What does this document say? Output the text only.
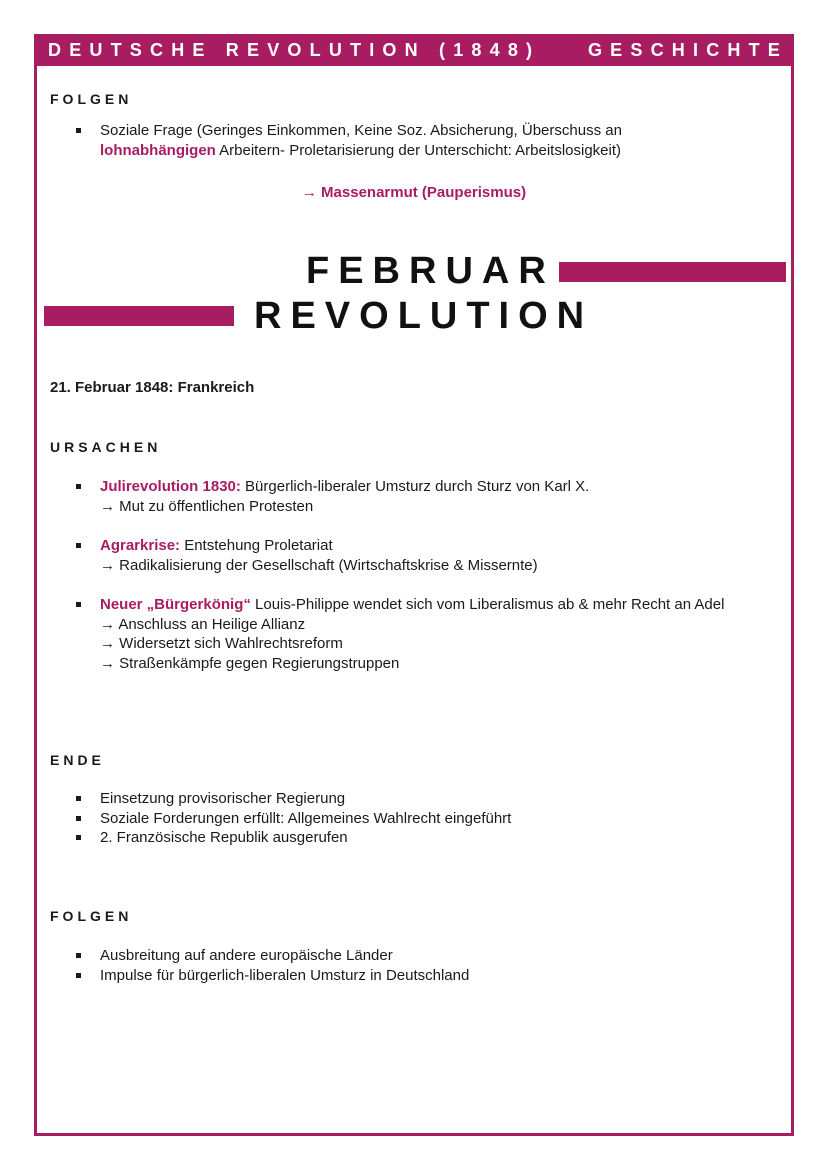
DEUTSCHE REVOLUTION (1848)	GESCHICHTE
FOLGEN
Soziale Frage (Geringes Einkommen, Keine Soz. Absicherung, Überschuss an
lohnabhängigen Arbeitern- Proletarisierung der Unterschicht: Arbeitslosigkeit)
→ Massenarmut (Pauperismus)
FEBRUAR
REVOLUTION
21. Februar 1848: Frankreich
URSACHEN
Julirevolution 1830: Bürgerlich-liberaler Umsturz durch Sturz von Karl X.
→ Mut zu öffentlichen Protesten
Agrarkrise: Entstehung Proletariat
→ Radikalisierung der Gesellschaft (Wirtschaftskrise & Missernte)
Neuer „Bürgerkönig“ Louis-Philippe wendet sich vom Liberalismus ab & mehr Recht an Adel
→ Anschluss an Heilige Allianz
→ Widersetzt sich Wahlrechtsreform
→ Straßenkämpfe gegen Regierungstruppen
ENDE
Einsetzung provisorischer Regierung
Soziale Forderungen erfüllt: Allgemeines Wahlrecht eingeführt
2. Französische Republik ausgerufen
FOLGEN
Ausbreitung auf andere europäische Länder
Impulse für bürgerlich-liberalen Umsturz in Deutschland
